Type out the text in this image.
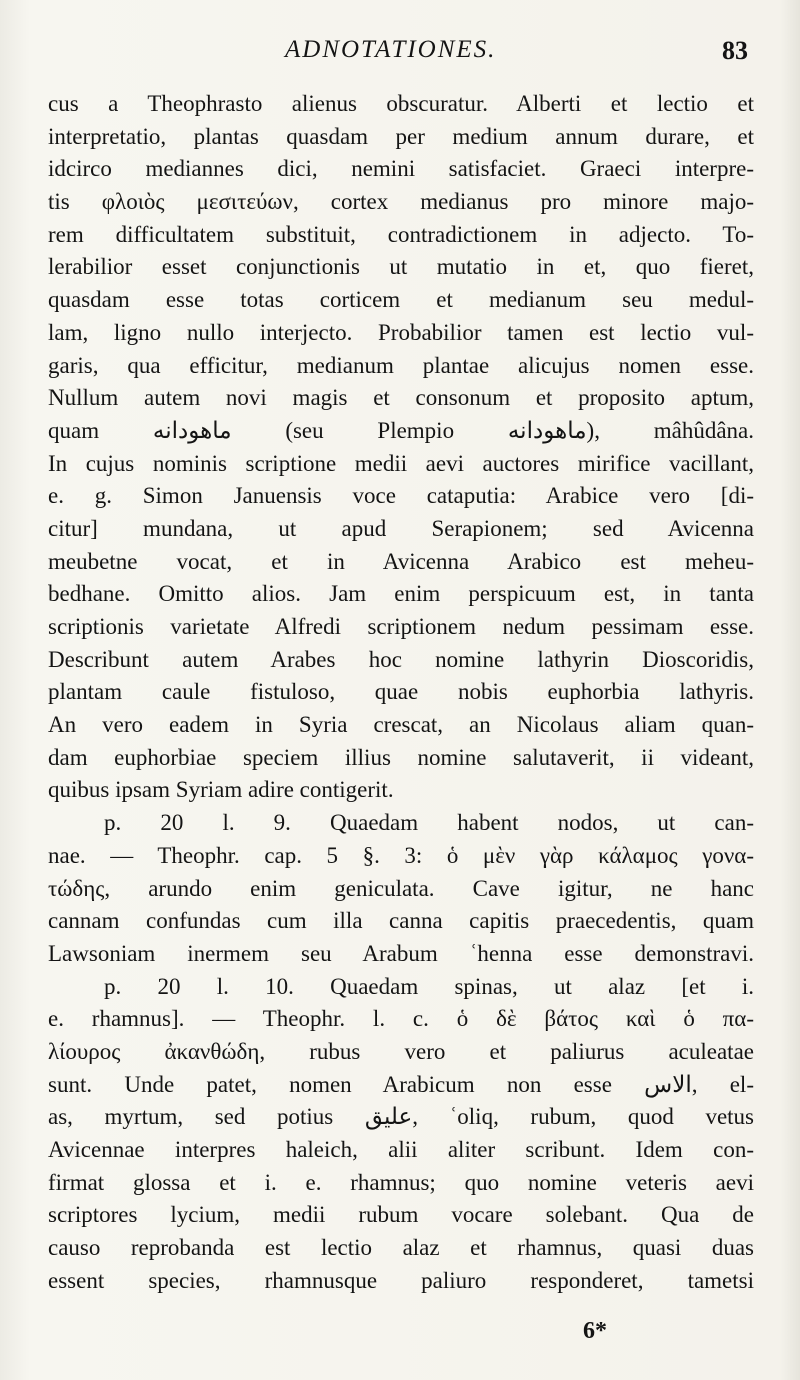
ADNOTATIONES.	83
cus a Theophrasto alienus obscuratur. Alberti et lectio et
interpretatio, plantas quasdam per medium annum durare, et
idcirco mediannes dici, nemini satisfaciet. Graeci interpre-
tis φλοιὸς μεσιτεύων, cortex medianus pro minore majo-
rem difficultatem substituit, contradictionem in adjecto. To-
lerabilior esset conjunctionis ut mutatio in et, quo fieret,
quasdam esse totas corticem et medianum seu medul-
lam, ligno nullo interjecto. Probabilior tamen est lectio vul-
garis, qua efficitur, medianum plantae alicujus nomen esse.
Nullum autem novi magis et consonum et proposito aptum,
quam ماهودانه (seu Plempio ماهودانه), mâhûdâna.
In cujus nominis scriptione medii aevi auctores mirifice vacillant,
e. g. Simon Januensis voce cataputia: Arabice vero [di-
citur] mundana, ut apud Serapionem; sed Avicenna
meubetne vocat, et in Avicenna Arabico est meheu-
bedhane. Omitto alios. Jam enim perspicuum est, in tanta
scriptionis varietate Alfredi scriptionem nedum pessimam esse.
Describunt autem Arabes hoc nomine lathyrin Dioscoridis,
plantam caule fistuloso, quae nobis euphorbia lathyris.
An vero eadem in Syria crescat, an Nicolaus aliam quan-
dam euphorbiae speciem illius nomine salutaverit, ii videant,
quibus ipsam Syriam adire contigerit.
p. 20 l. 9. Quaedam habent nodos, ut can-
nae. — Theophr. cap. 5 §. 3: ὁ μὲν γὰρ κάλαμος γονα-
τώδης, arundo enim geniculata. Cave igitur, ne hanc
cannam confundas cum illa canna capitis praecedentis, quam
Lawsoniam inermem seu Arabum ʿhenna esse demonstravi.
p. 20 l. 10. Quaedam spinas, ut alaz [et i.
e. rhamnus]. — Theophr. l. c. ὁ δὲ βάτος καὶ ὁ πα-
λίουρος ἀκανθώδη, rubus vero et paliurus aculeatae
sunt. Unde patet, nomen Arabicum non esse الاس, el-
as, myrtum, sed potius عليق, ʿoliq, rubum, quod vetus
Avicennae interpres haleich, alii aliter scribunt. Idem con-
firmat glossa et i. e. rhamnus; quo nomine veteris aevi
scriptores lycium, medii rubum vocare solebant. Qua de
causo reprobanda est lectio alaz et rhamnus, quasi duas
essent species, rhamnusque paliuro responderet, tametsi
6*
